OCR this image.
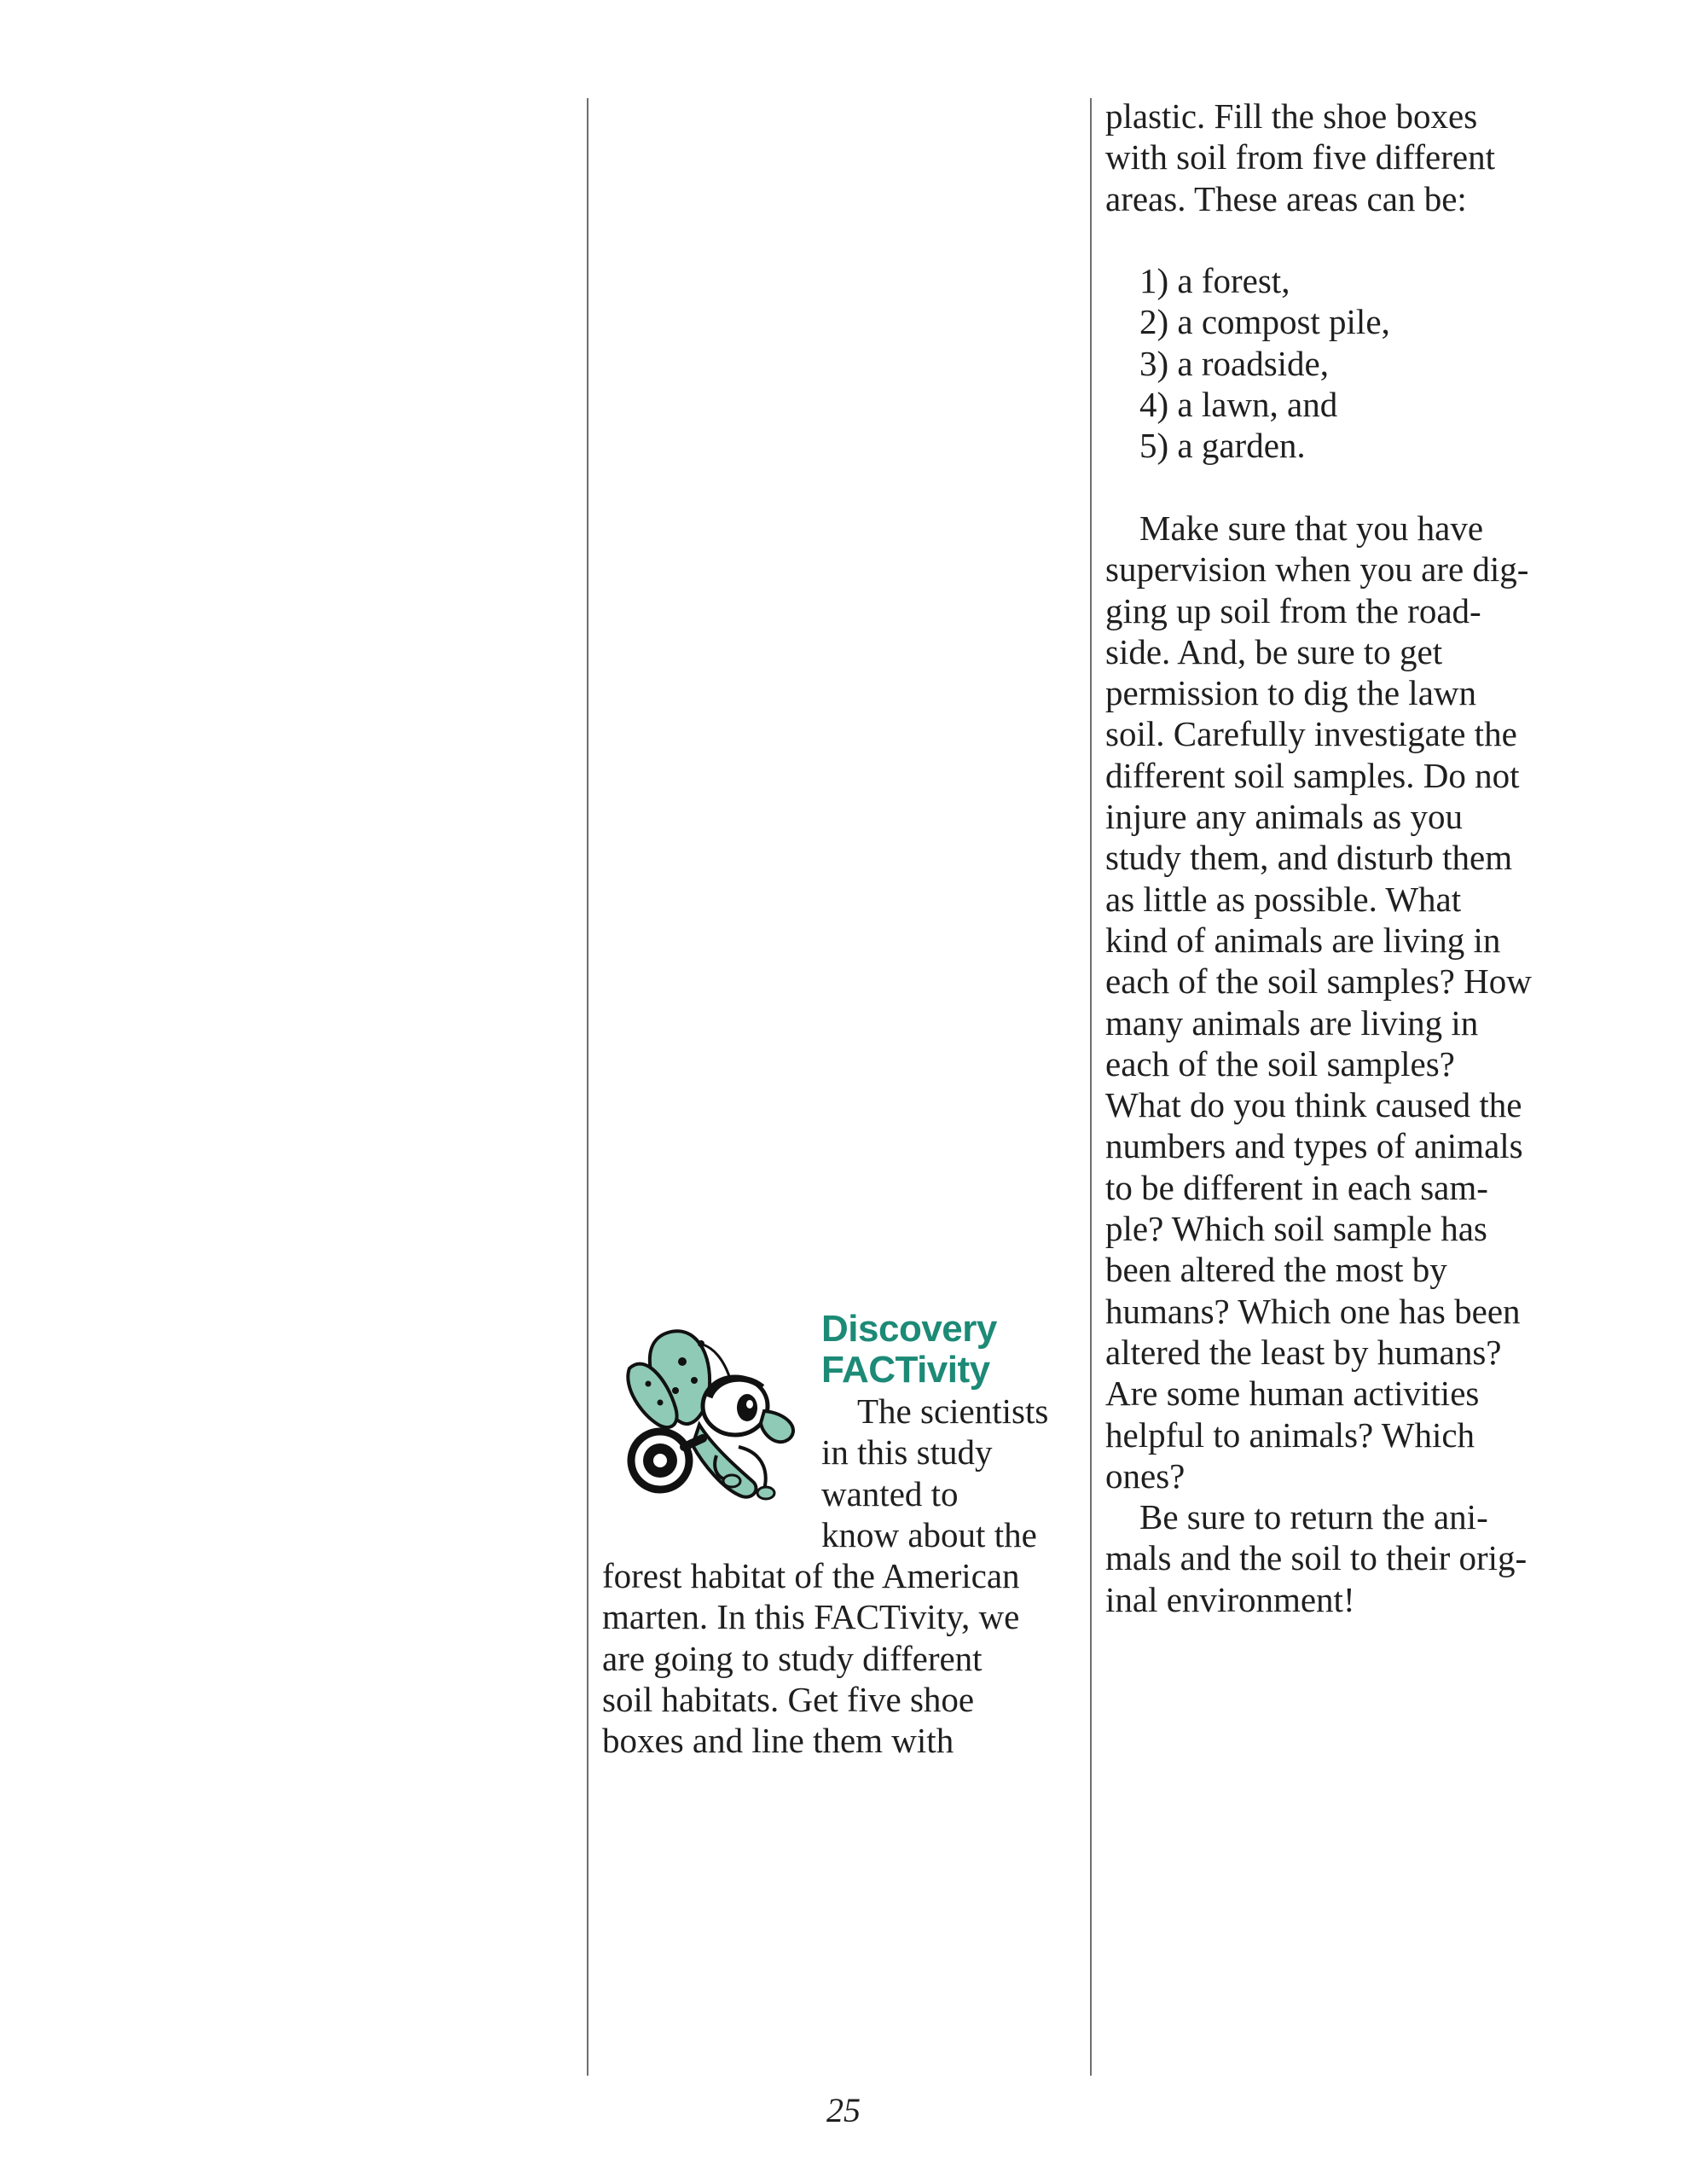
Discovery
FACTivity
The scientists
in this study
wanted to
know about the
forest habitat of the American
marten. In this FACTivity, we
are going to study different
soil habitats. Get five shoe
boxes and line them with
plastic. Fill the shoe boxes
with soil from five different
areas. These areas can be:
1) a forest,
2) a compost pile,
3) a roadside,
4) a lawn, and
5) a garden.
Make sure that you have
supervision when you are dig-
ging up soil from the road-
side. And, be sure to get
permission to dig the lawn
soil. Carefully investigate the
different soil samples. Do not
injure any animals as you
study them, and disturb them
as little as possible. What
kind of animals are living in
each of the soil samples? How
many animals are living in
each of the soil samples?
What do you think caused the
numbers and types of animals
to be different in each sam-
ple? Which soil sample has
been altered the most by
humans? Which one has been
altered the least by humans?
Are some human activities
helpful to animals? Which
ones?
Be sure to return the ani-
mals and the soil to their orig-
inal environment!
25
